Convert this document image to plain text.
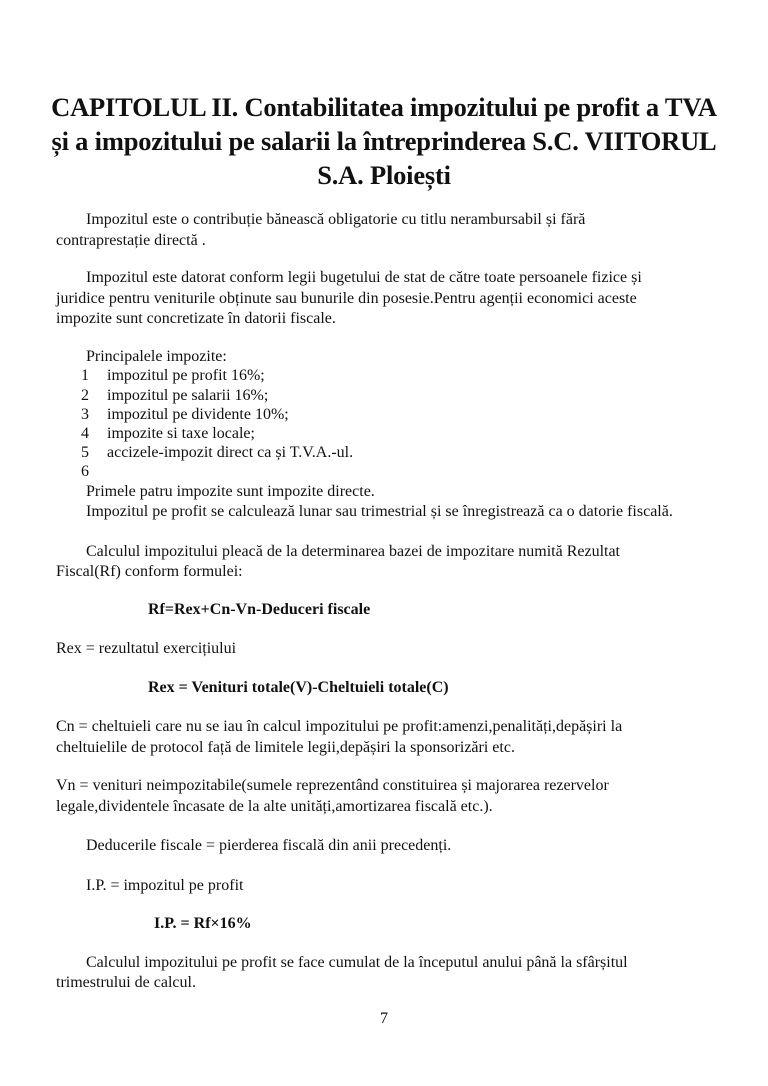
CAPITOLUL II. Contabilitatea impozitului pe profit a TVA
și a impozitului pe salarii la întreprinderea S.C. VIITORUL
S.A. Ploiești

Impozitul este o contribuție bănească obligatorie cu titlu nerambursabil și fără

contraprestație directă .

Impozitul este datorat conform legii bugetului de stat de către toate persoanele fizice și

juridice pentru veniturile obținute sau bunurile din posesie.Pentru agenții economici aceste

impozite sunt concretizate în datorii fiscale.

Principalele impozite:

1 impozitul pe profit 16%;

2 impozitul pe salarii 16%;

3 impozitul pe dividente 10%;

4 impozite si taxe locale;

5 accizele-impozit direct ca și T.V.A.-ul.

6

Primele patru impozite sunt impozite directe.

Impozitul pe profit se calculează lunar sau trimestrial și se înregistrează ca o datorie fiscală.

Calculul impozitului pleacă de la determinarea bazei de impozitare numită Rezultat

Fiscal(Rf) conform formulei:

Rf=Rex+Cn-Vn-Deduceri fiscale

Rex = rezultatul exercițiului

Rex = Venituri totale(V)-Cheltuieli totale(C)

Cn = cheltuieli care nu se iau în calcul impozitului pe profit:amenzi,penalități,depășiri la

cheltuielile de protocol față de limitele legii,depășiri la sponsorizări etc.

Vn = venituri neimpozitabile(sumele reprezentând constituirea și majorarea rezervelor

legale,dividentele încasate de la alte unități,amortizarea fiscală etc.).

Deducerile fiscale = pierderea fiscală din anii precedenți.

I.P. = impozitul pe profit

I.P. = Rf×16%

Calculul impozitului pe profit se face cumulat de la începutul anului până la sfârșitul

trimestrului de calcul.

7
